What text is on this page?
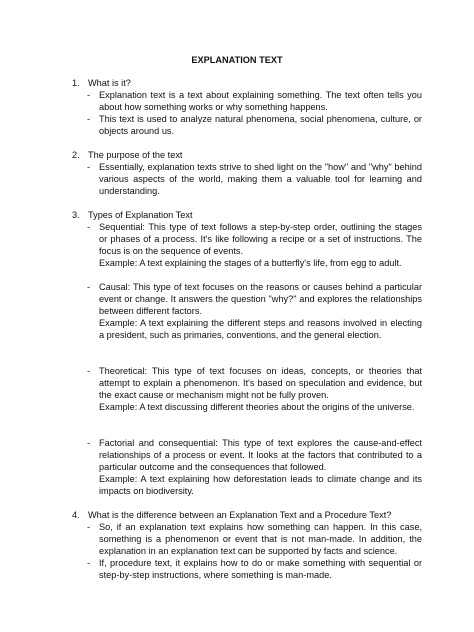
EXPLANATION TEXT
1. What is it?
- Explanation text is a text about explaining something. The text often tells you about how something works or why something happens.
- This text is used to analyze natural phenomena, social phenomena, culture, or objects around us.
2. The purpose of the text
- Essentially, explanation texts strive to shed light on the "how" and "why" behind various aspects of the world, making them a valuable tool for learning and understanding.
3. Types of Explanation Text
- Sequential: This type of text follows a step-by-step order, outlining the stages or phases of a process. It's like following a recipe or a set of instructions. The focus is on the sequence of events.
Example: A text explaining the stages of a butterfly's life, from egg to adult.
- Causal: This type of text focuses on the reasons or causes behind a particular event or change. It answers the question "why?" and explores the relationships between different factors.
Example: A text explaining the different steps and reasons involved in electing a president, such as primaries, conventions, and the general election.
- Theoretical: This type of text focuses on ideas, concepts, or theories that attempt to explain a phenomenon. It's based on speculation and evidence, but the exact cause or mechanism might not be fully proven.
Example: A text discussing different theories about the origins of the universe.
- Factorial and consequential: This type of text explores the cause-and-effect relationships of a process or event. It looks at the factors that contributed to a particular outcome and the consequences that followed.
Example: A text explaining how deforestation leads to climate change and its impacts on biodiversity.
4. What is the difference between an Explanation Text and a Procedure Text?
- So, if an explanation text explains how something can happen. In this case, something is a phenomenon or event that is not man-made. In addition, the explanation in an explanation text can be supported by facts and science.
- If, procedure text, it explains how to do or make something with sequential or step-by-step instructions, where something is man-made.
